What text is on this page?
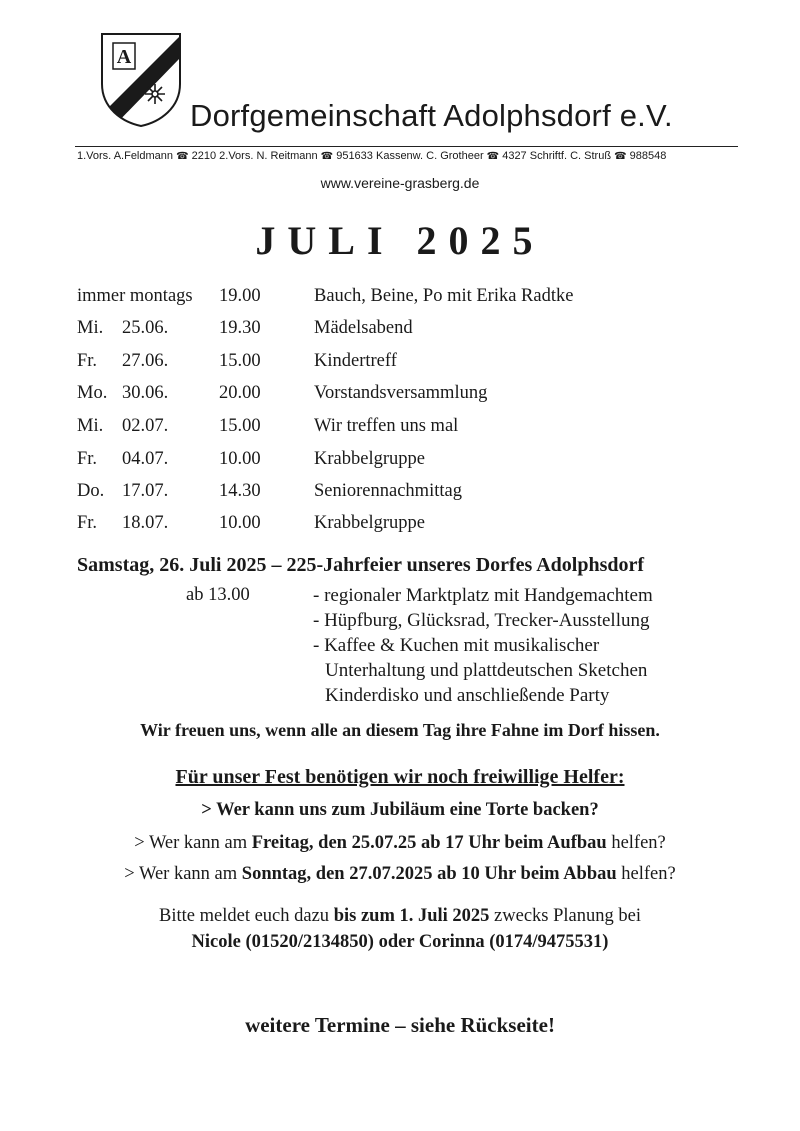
A
Dorfgemeinschaft Adolphsdorf e.V.
1.Vors. A.Feldmann ☎ 2210 2.Vors. N. Reitmann ☎ 951633 Kassenw. C. Grotheer ☎ 4327 Schriftf. C. Struß ☎ 988548
www.vereine-grasberg.de
JULI 2025
immer montags 19.00	Bauch, Beine, Po mit Erika Radtke
Mi. 25.06.	19.30	Mädelsabend
Fr. 27.06.	15.00	Kindertreff
Mo. 30.06.	20.00	Vorstandsversammlung
Mi. 02.07.	15.00	Wir treffen uns mal
Fr. 04.07.	10.00	Krabbelgruppe
Do. 17.07.	14.30	Seniorennachmittag
Fr. 18.07.	10.00	Krabbelgruppe
Samstag, 26. Juli 2025 – 225-Jahrfeier unseres Dorfes Adolphsdorf
ab 13.00	- regionaler Marktplatz mit Handgemachtem
- Hüpfburg, Glücksrad, Trecker-Ausstellung
- Kaffee & Kuchen mit musikalischer
Unterhaltung und plattdeutschen Sketchen
Kinderdisko und anschließende Party
Wir freuen uns, wenn alle an diesem Tag ihre Fahne im Dorf hissen.
Für unser Fest benötigen wir noch freiwillige Helfer:
> Wer kann uns zum Jubiläum eine Torte backen?
> Wer kann am Freitag, den 25.07.25 ab 17 Uhr beim Aufbau helfen?
> Wer kann am Sonntag, den 27.07.2025 ab 10 Uhr beim Abbau helfen?
Bitte meldet euch dazu bis zum 1. Juli 2025 zwecks Planung bei
Nicole (01520/2134850) oder Corinna (0174/9475531)
weitere Termine – siehe Rückseite!
